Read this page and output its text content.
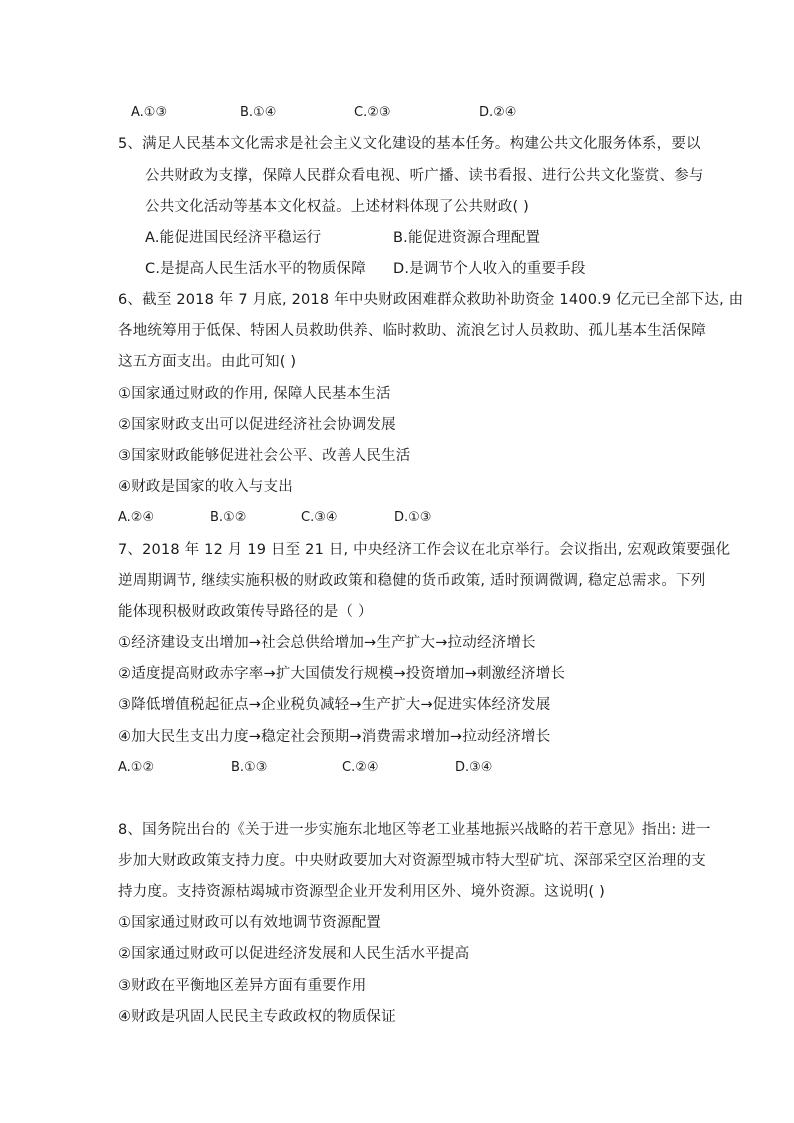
A.①③	B.①④	C.②③	D.②④
5、满足人民基本文化需求是社会主义文化建设的基本任务。构建公共文化服务体系，要以
公共财政为支撑，保障人民群众看电视、听广播、读书看报、进行公共文化鉴赏、参与
公共文化活动等基本文化权益。上述材料体现了公共财政( )
A.能促进国民经济平稳运行	B.能促进资源合理配置
C.是提高人民生活水平的物质保障 D.是调节个人收入的重要手段
6、截至 2018 年 7 月底, 2018 年中央财政困难群众救助补助资金 1400.9 亿元已全部下达, 由
各地统筹用于低保、特困人员救助供养、临时救助、流浪乞讨人员救助、孤儿基本生活保障
这五方面支出。由此可知( )
①国家通过财政的作用, 保障人民基本生活
②国家财政支出可以促进经济社会协调发展
③国家财政能够促进社会公平、改善人民生活
④财政是国家的收入与支出
A.②④	B.①②	C.③④	D.①③
7、2018 年 12 月 19 日至 21 日, 中央经济工作会议在北京举行。会议指出, 宏观政策要强化
逆周期调节, 继续实施积极的财政政策和稳健的货币政策, 适时预调微调, 稳定总需求。下列
能体现积极财政政策传导路径的是（ ）
①经济建设支出增加→社会总供给增加→生产扩大→拉动经济增长
②适度提高财政赤字率→扩大国债发行规模→投资增加→刺激经济增长
③降低增值税起征点→企业税负减轻→生产扩大→促进实体经济发展
④加大民生支出力度→稳定社会预期→消费需求增加→拉动经济增长
A.①②	B.①③	C.②④	D.③④
8、国务院出台的《关于进一步实施东北地区等老工业基地振兴战略的若干意见》指出: 进一
步加大财政政策支持力度。中央财政要加大对资源型城市特大型矿坑、深部采空区治理的支
持力度。支持资源枯竭城市资源型企业开发利用区外、境外资源。这说明( )
①国家通过财政可以有效地调节资源配置
②国家通过财政可以促进经济发展和人民生活水平提高
③财政在平衡地区差异方面有重要作用
④财政是巩固人民民主专政政权的物质保证
